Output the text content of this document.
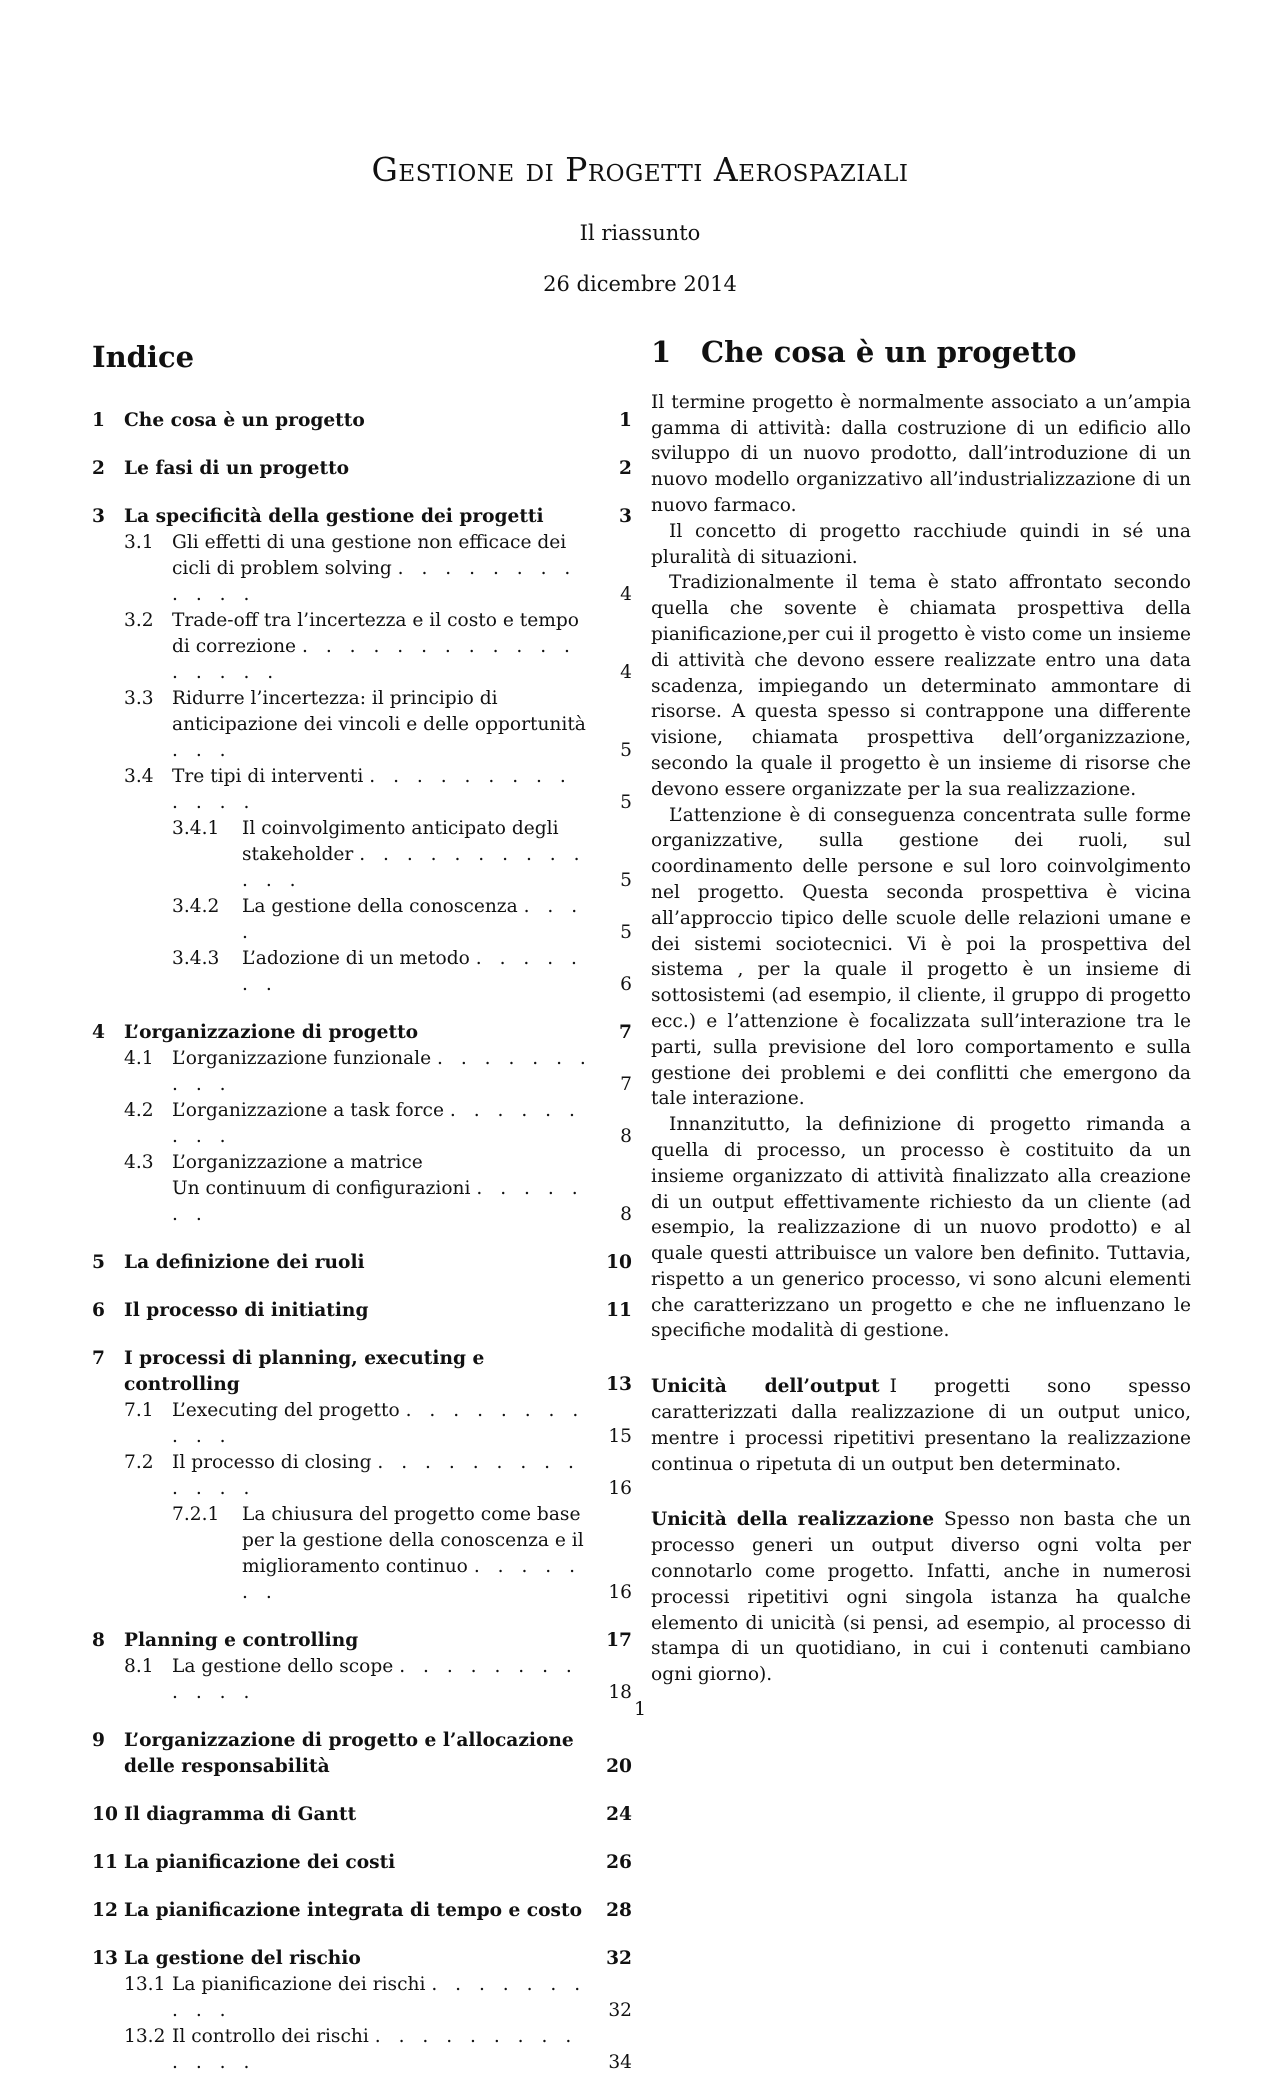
Gestione di Progetti Aerospaziali
Il riassunto
26 dicembre 2014
Indice
1	Che cosa è un progetto	1
2	Le fasi di un progetto	2
3	La specificità della gestione dei progetti	3
3.1 Gli effetti di una gestione non efficace dei cicli di problem solving . . . . . . . . . . . .	4
3.2 Trade-off tra l’incertezza e il costo e tempo di correzione . . . . . . . . . . . . . . . . .	4
3.3 Ridurre l’incertezza: il principio di anticipazione dei vincoli e delle opportunità . . .	5
3.4 Tre tipi di interventi . . . . . . . . . . . . .	5
3.4.1	Il coinvolgimento anticipato degli stakeholder . . . . . . . . . . . . .	5
3.4.2	La gestione della conoscenza . . . .	5
3.4.3	L’adozione di un metodo . . . . . . .	6
4	L’organizzazione di progetto	7
4.1 L’organizzazione funzionale . . . . . . . . . .	7
4.2 L’organizzazione a task force . . . . . . . . .	8
4.3 L’organizzazione a matrice
Un continuum di configurazioni . . . . . . .	8
5	La definizione dei ruoli	10
6	Il processo di initiating	11
7	I processi di planning, executing e controlling	13
7.1 L’executing del progetto . . . . . . . . . . .	15
7.2 Il processo di closing . . . . . . . . . . . . .	16
7.2.1	La chiusura del progetto come base per la gestione della conoscenza e il miglioramento continuo . . . . . . .	16
8	Planning e controlling	17
8.1 La gestione dello scope . . . . . . . . . . . .	18
9	L’organizzazione di progetto e l’allocazione delle responsabilità	20
10 Il diagramma di Gantt	24
11 La pianificazione dei costi	26
12 La pianificazione integrata di tempo e costo	28
13 La gestione del rischio	32
13.1 La pianificazione dei rischi . . . . . . . . . .	32
13.2 Il controllo dei rischi . . . . . . . . . . . . .	34
1 Che cosa è un progetto

Il termine progetto è normalmente associato a un’ampia gamma di attività: dalla costruzione di un edificio allo sviluppo di un nuovo prodotto, dall’introduzione di un nuovo modello organizzativo all’industrializzazione di un nuovo farmaco.

Il concetto di progetto racchiude quindi in sé una pluralità di situazioni.

Tradizionalmente il tema è stato affrontato secondo quella che sovente è chiamata prospettiva della pianificazione,per cui il progetto è visto come un insieme di attività che devono essere realizzate entro una data scadenza, impiegando un determinato ammontare di risorse. A questa spesso si contrappone una differente visione, chiamata prospettiva dell’organizzazione, secondo la quale il progetto è un insieme di risorse che devono essere organizzate per la sua realizzazione.

L’attenzione è di conseguenza concentrata sulle forme organizzative, sulla gestione dei ruoli, sul coordinamento delle persone e sul loro coinvolgimento nel progetto. Questa seconda prospettiva è vicina all’approccio tipico delle scuole delle relazioni umane e dei sistemi sociotecnici. Vi è poi la prospettiva del sistema , per la quale il progetto è un insieme di sottosistemi (ad esempio, il cliente, il gruppo di progetto ecc.) e l’attenzione è focalizzata sull’interazione tra le parti, sulla previsione del loro comportamento e sulla gestione dei problemi e dei conflitti che emergono da tale interazione.

Innanzitutto, la definizione di progetto rimanda a quella di processo, un processo è costituito da un insieme organizzato di attività finalizzato alla creazione di un output effettivamente richiesto da un cliente (ad esempio, la realizzazione di un nuovo prodotto) e al quale questi attribuisce un valore ben definito. Tuttavia, rispetto a un generico processo, vi sono alcuni elementi che caratterizzano un progetto e che ne influenzano le specifiche modalità di gestione.

Unicità dell’output I progetti sono spesso caratterizzati dalla realizzazione di un output unico, mentre i processi ripetitivi presentano la realizzazione continua o ripetuta di un output ben determinato.

Unicità della realizzazione Spesso non basta che un processo generi un output diverso ogni volta per connotarlo come progetto. Infatti, anche in numerosi processi ripetitivi ogni singola istanza ha qualche elemento di unicità (si pensi, ad esempio, al processo di stampa di un quotidiano, in cui i contenuti cambiano ogni giorno).

1
